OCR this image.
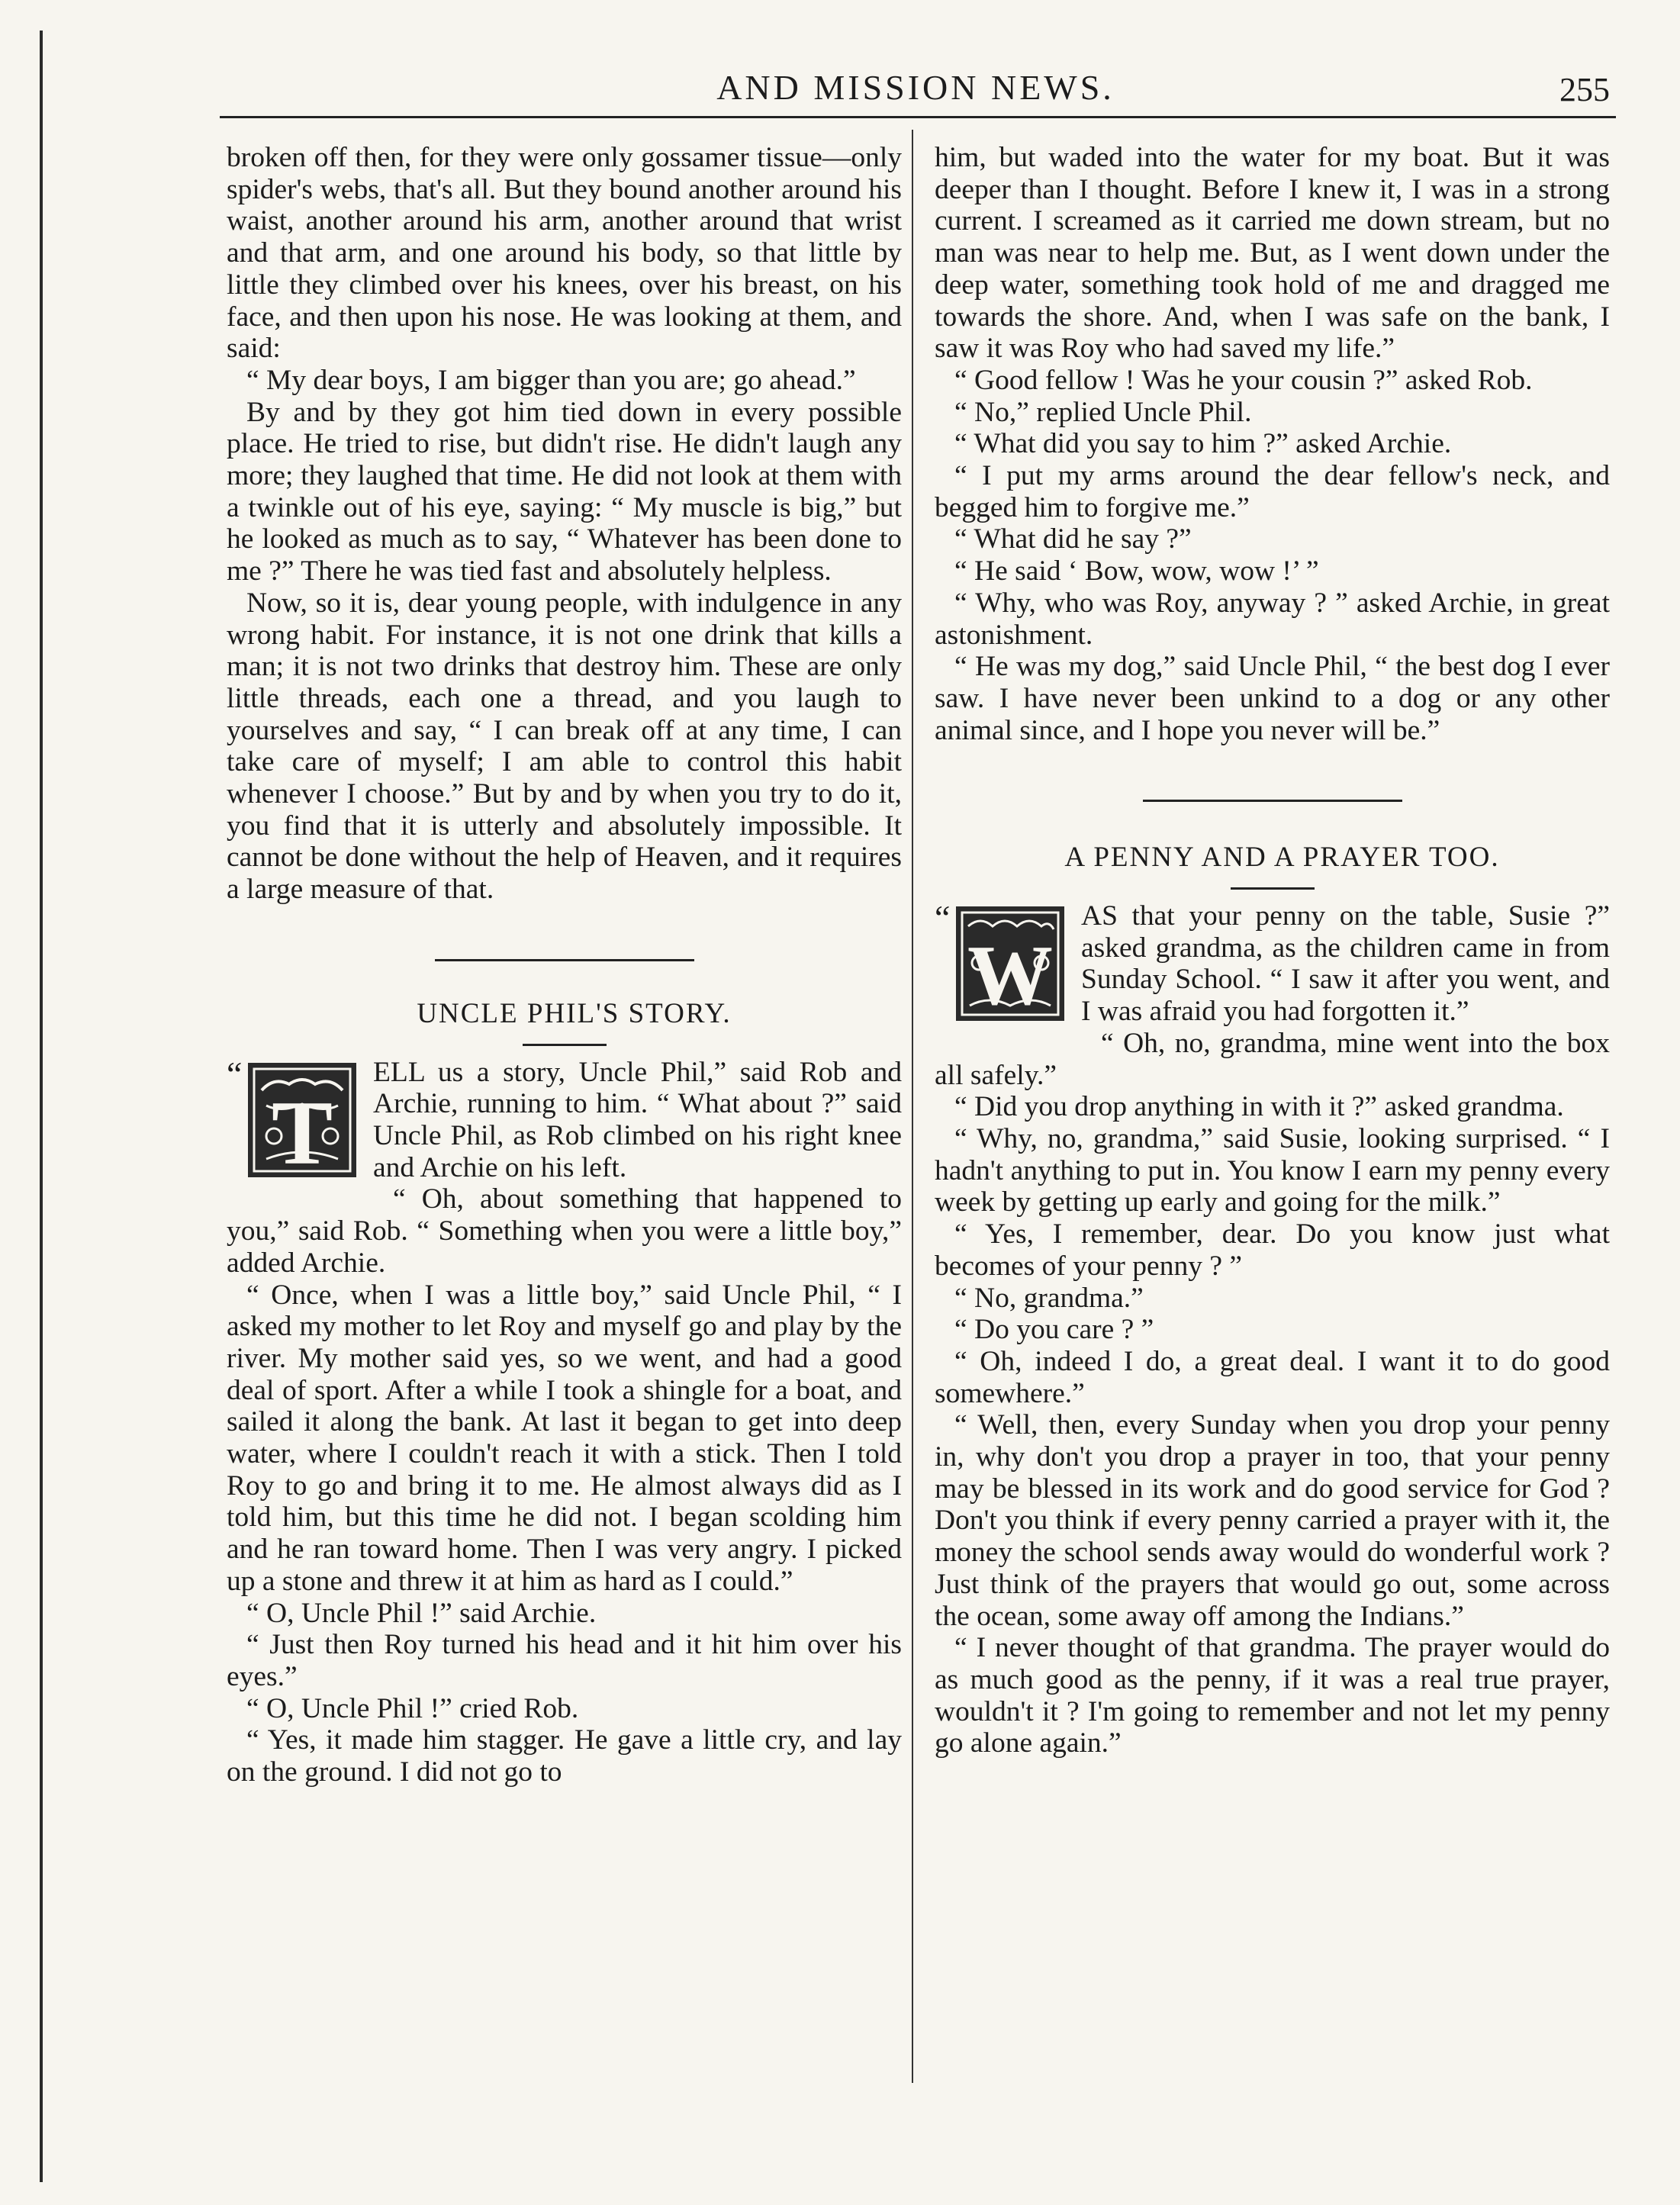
AND MISSION NEWS.	255

broken off then, for they were only gossamer tissue—only spider's webs, that's all. But they bound another around his waist, another around his arm, another around that wrist and that arm, and one around his body, so that little by little they climbed over his knees, over his breast, on his face, and then upon his nose. He was looking at them, and said:

“ My dear boys, I am bigger than you are; go ahead.”

By and by they got him tied down in every possible place. He tried to rise, but didn't rise. He didn't laugh any more; they laughed that time. He did not look at them with a twinkle out of his eye, saying: “ My muscle is big,” but he looked as much as to say, “ Whatever has been done to me ?” There he was tied fast and absolutely helpless.

Now, so it is, dear young people, with indulgence in any wrong habit. For instance, it is not one drink that kills a man; it is not two drinks that destroy him. These are only little threads, each one a thread, and you laugh to yourselves and say, “ I can break off at any time, I can take care of myself; I am able to control this habit whenever I choose.” But by and by when you try to do it, you find that it is utterly and absolutely impossible. It cannot be done without the help of Heaven, and it requires a large measure of that.

UNCLE PHIL'S STORY.

“
T

ELL us a story, Uncle Phil,” said Rob and Archie, running to him. “ What about ?” said Uncle Phil, as Rob climbed on his right knee and Archie on his left.

“ Oh, about something that happened to you,” said Rob. “ Something when you were a little boy,” added Archie.

“ Once, when I was a little boy,” said Uncle Phil, “ I asked my mother to let Roy and myself go and play by the river. My mother said yes, so we went, and had a good deal of sport. After a while I took a shingle for a boat, and sailed it along the bank. At last it began to get into deep water, where I couldn't reach it with a stick. Then I told Roy to go and bring it to me. He almost always did as I told him, but this time he did not. I began scolding him and he ran toward home. Then I was very angry. I picked up a stone and threw it at him as hard as I could.”

“ O, Uncle Phil !” said Archie.

“ Just then Roy turned his head and it hit him over his eyes.”

“ O, Uncle Phil !” cried Rob.

“ Yes, it made him stagger. He gave a little cry, and lay on the ground. I did not go to

him, but waded into the water for my boat. But it was deeper than I thought. Before I knew it, I was in a strong current. I screamed as it carried me down stream, but no man was near to help me. But, as I went down under the deep water, something took hold of me and dragged me towards the shore. And, when I was safe on the bank, I saw it was Roy who had saved my life.”

“ Good fellow ! Was he your cousin ?” asked Rob.

“ No,” replied Uncle Phil.

“ What did you say to him ?” asked Archie.

“ I put my arms around the dear fellow's neck, and begged him to forgive me.”

“ What did he say ?”

“ He said ‘ Bow, wow, wow !’ ”

“ Why, who was Roy, anyway ? ” asked Archie, in great astonishment.

“ He was my dog,” said Uncle Phil, “ the best dog I ever saw. I have never been unkind to a dog or any other animal since, and I hope you never will be.”

A PENNY AND A PRAYER TOO.

“
W

AS that your penny on the table, Susie ?” asked grandma, as the children came in from Sunday School. “ I saw it after you went, and I was afraid you had forgotten it.”

“ Oh, no, grandma, mine went into the box all safely.”

“ Did you drop anything in with it ?” asked grandma.

“ Why, no, grandma,” said Susie, looking surprised. “ I hadn't anything to put in. You know I earn my penny every week by getting up early and going for the milk.”

“ Yes, I remember, dear. Do you know just what becomes of your penny ? ”

“ No, grandma.”

“ Do you care ? ”

“ Oh, indeed I do, a great deal. I want it to do good somewhere.”

“ Well, then, every Sunday when you drop your penny in, why don't you drop a prayer in too, that your penny may be blessed in its work and do good service for God ? Don't you think if every penny carried a prayer with it, the money the school sends away would do wonderful work ? Just think of the prayers that would go out, some across the ocean, some away off among the Indians.”

“ I never thought of that grandma. The prayer would do as much good as the penny, if it was a real true prayer, wouldn't it ? I'm going to remember and not let my penny go alone again.”
